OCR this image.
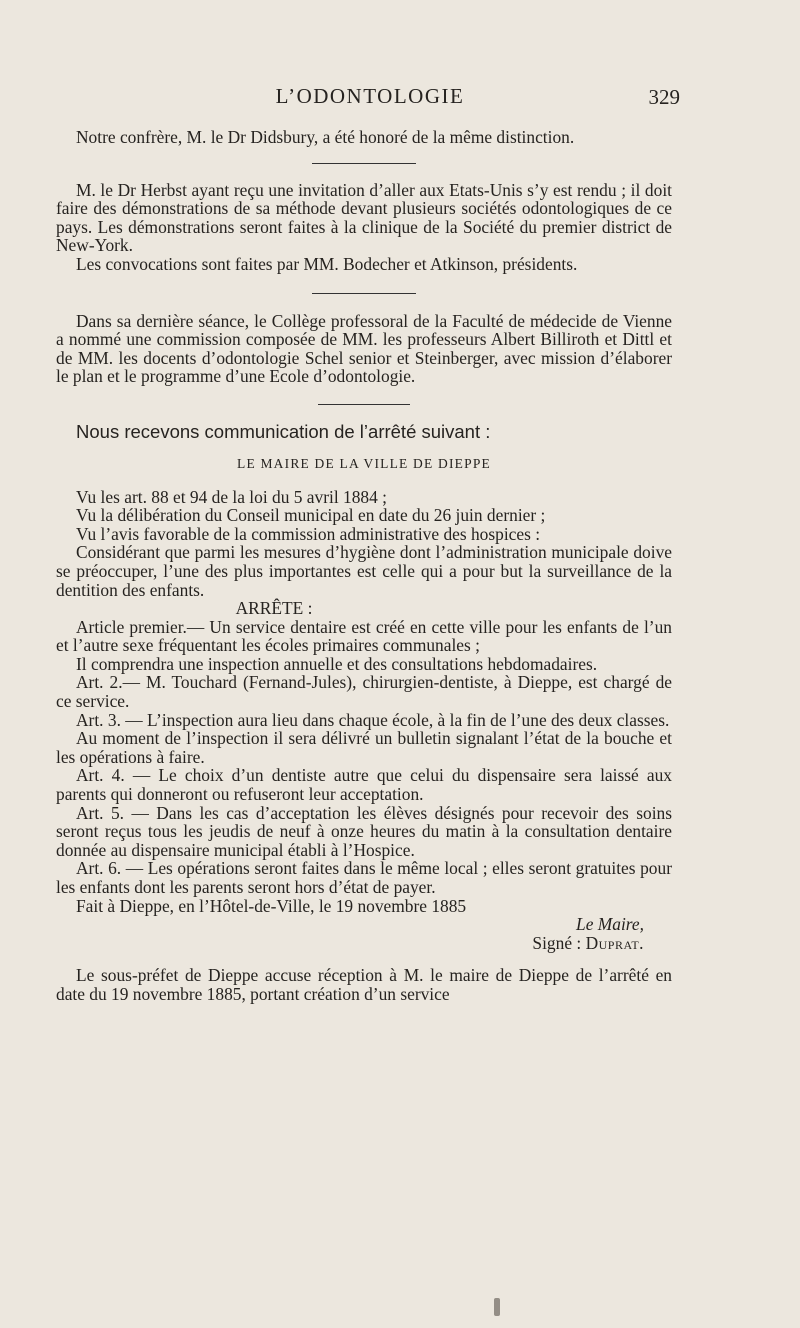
L’ODONTOLOGIE	329

Notre confrère, M. le Dr Didsbury, a été honoré de la même distinction.

M. le Dr Herbst ayant reçu une invitation d’aller aux Etats-Unis s’y est rendu ; il doit faire des démonstrations de sa méthode devant plusieurs sociétés odontologiques de ce pays. Les démonstrations seront faites à la clinique de la Société du premier district de New-York.

Les convocations sont faites par MM. Bodecher et Atkinson, présidents.

Dans sa dernière séance, le Collège professoral de la Faculté de médecide de Vienne a nommé une commission composée de MM. les professeurs Albert Billiroth et Dittl et de MM. les docents d’odontologie Schel senior et Steinberger, avec mission d’élaborer le plan et le programme d’une Ecole d’odontologie.

Nous recevons communication de l’arrêté suivant :

LE MAIRE DE LA VILLE DE DIEPPE

Vu les art. 88 et 94 de la loi du 5 avril 1884 ;

Vu la délibération du Conseil municipal en date du 26 juin dernier ;

Vu l’avis favorable de la commission administrative des hospices :

Considérant que parmi les mesures d’hygiène dont l’administration municipale doive se préoccuper, l’une des plus importantes est celle qui a pour but la surveillance de la dentition des enfants.

ARRÊTE :

Article premier.— Un service dentaire est créé en cette ville pour les enfants de l’un et l’autre sexe fréquentant les écoles primaires communales ;

Il comprendra une inspection annuelle et des consultations hebdomadaires.

Art. 2.— M. Touchard (Fernand-Jules), chirurgien-dentiste, à Dieppe, est chargé de ce service.

Art. 3. — L’inspection aura lieu dans chaque école, à la fin de l’une des deux classes.

Au moment de l’inspection il sera délivré un bulletin signalant l’état de la bouche et les opérations à faire.

Art. 4. — Le choix d’un dentiste autre que celui du dispensaire sera laissé aux parents qui donneront ou refuseront leur acceptation.

Art. 5. — Dans les cas d’acceptation les élèves désignés pour recevoir des soins seront reçus tous les jeudis de neuf à onze heures du matin à la consultation dentaire donnée au dispensaire municipal établi à l’Hospice.

Art. 6. — Les opérations seront faites dans le même local ; elles seront gratuites pour les enfants dont les parents seront hors d’état de payer.

Fait à Dieppe, en l’Hôtel-de-Ville, le 19 novembre 1885

Le Maire,

Signé : Duprat.

Le sous-préfet de Dieppe accuse réception à M. le maire de Dieppe de l’arrêté en date du 19 novembre 1885, portant création d’un service
